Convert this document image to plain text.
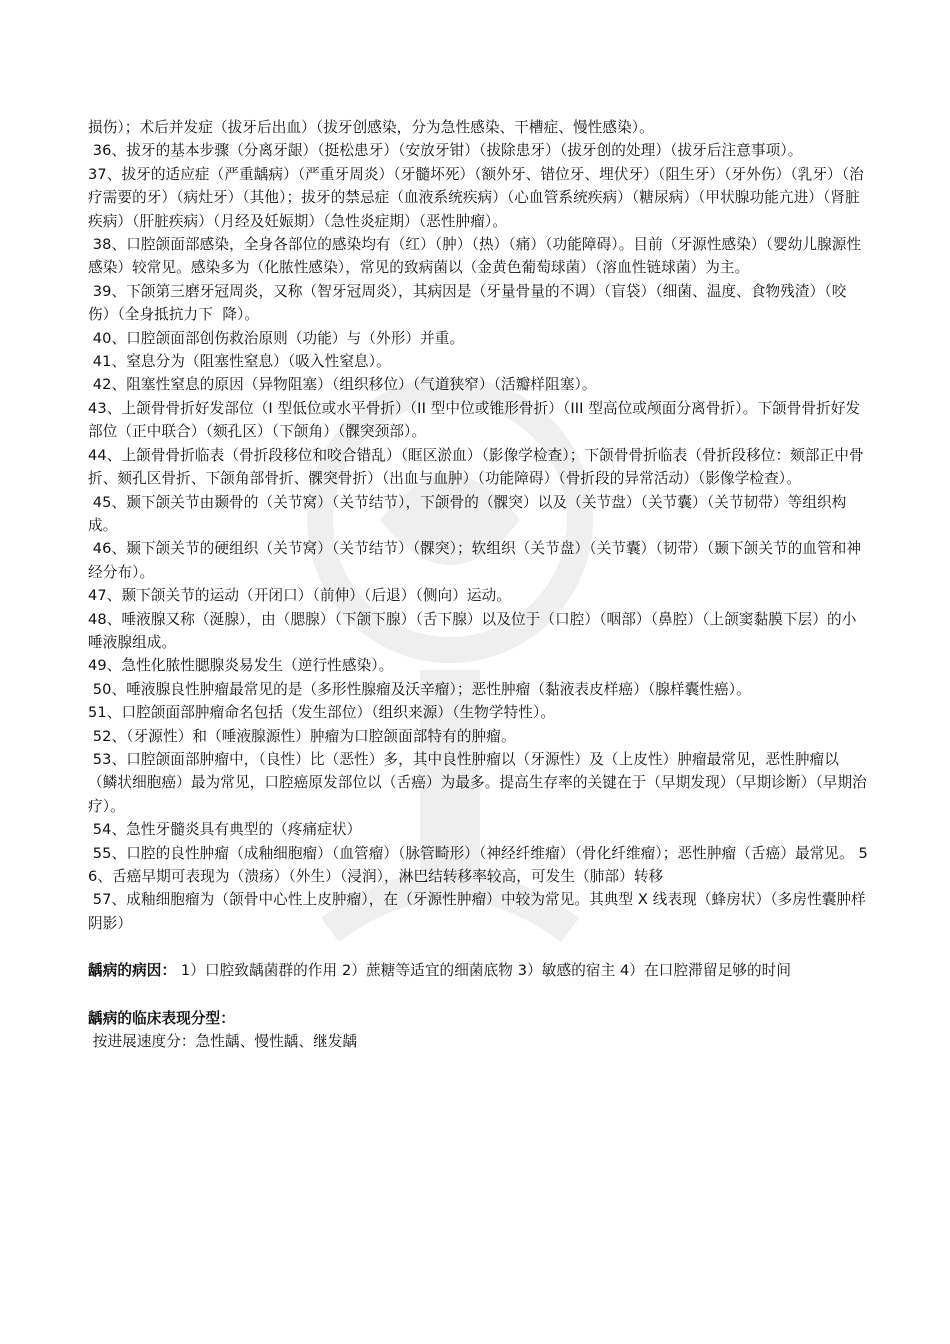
损伤）；术后并发症（拔牙后出血）（拔牙创感染，分为急性感染、干槽症、慢性感染）。

36、拔牙的基本步骤（分离牙龈）（挺松患牙）（安放牙钳）（拔除患牙）（拔牙创的处理）（拔牙后注意事项）。

37、拔牙的适应症（严重龋病）（严重牙周炎）（牙髓坏死）（额外牙、错位牙、埋伏牙）（阻生牙）（牙外伤）（乳牙）（治疗需要的牙）（病灶牙）（其他）；拔牙的禁忌症（血液系统疾病）（心血管系统疾病）（糖尿病）（甲状腺功能亢进）（肾脏疾病）（肝脏疾病）（月经及妊娠期）（急性炎症期）（恶性肿瘤）。

38、口腔颌面部感染，全身各部位的感染均有（红）（肿）（热）（痛）（功能障碍）。目前（牙源性感染）（婴幼儿腺源性感染）较常见。感染多为（化脓性感染），常见的致病菌以（金黄色葡萄球菌）（溶血性链球菌）为主。

39、下颌第三磨牙冠周炎，又称（智牙冠周炎），其病因是（牙量骨量的不调）（盲袋）（细菌、温度、食物残渣）（咬伤）（全身抵抗力下  降）。

40、口腔颌面部创伤救治原则（功能）与（外形）并重。

41、窒息分为（阻塞性窒息）（吸入性窒息）。

42、阻塞性窒息的原因（异物阻塞）（组织移位）（气道狭窄）（活瓣样阻塞）。

43、上颌骨骨折好发部位（I 型低位或水平骨折）（II 型中位或锥形骨折）（III 型高位或颅面分离骨折）。下颌骨骨折好发部位（正中联合）（颏孔区）（下颌角）（髁突颈部）。

44、上颌骨骨折临表（骨折段移位和咬合错乱）（眶区淤血）（影像学检查）；下颌骨骨折临表（骨折段移位：颏部正中骨折、颏孔区骨折、下颌角部骨折、髁突骨折）（出血与血肿）（功能障碍）（骨折段的异常活动）（影像学检查）。

45、颞下颌关节由颞骨的（关节窝）（关节结节），下颌骨的（髁突）以及（关节盘）（关节囊）（关节韧带）等组织构成。

46、颞下颌关节的硬组织（关节窝）（关节结节）（髁突）；软组织（关节盘）（关节囊）（韧带）（颞下颌关节的血管和神经分布）。

47、颞下颌关节的运动（开闭口）（前伸）（后退）（侧向）运动。

48、唾液腺又称（涎腺），由（腮腺）（下颌下腺）（舌下腺）以及位于（口腔）（咽部）（鼻腔）（上颌窦黏膜下层）的小唾液腺组成。

49、急性化脓性腮腺炎易发生（逆行性感染）。

50、唾液腺良性肿瘤最常见的是（多形性腺瘤及沃辛瘤）；恶性肿瘤（黏液表皮样癌）（腺样囊性癌）。

51、口腔颌面部肿瘤命名包括（发生部位）（组织来源）（生物学特性）。

52、（牙源性）和（唾液腺源性）肿瘤为口腔颌面部特有的肿瘤。

53、口腔颌面部肿瘤中，（良性）比（恶性）多，其中良性肿瘤以（牙源性）及（上皮性）肿瘤最常见，恶性肿瘤以（鳞状细胞癌）最为常见，口腔癌原发部位以（舌癌）为最多。提高生存率的关键在于（早期发现）（早期诊断）（早期治疗）。

54、急性牙髓炎具有典型的（疼痛症状）

55、口腔的良性肿瘤（成釉细胞瘤）（血管瘤）（脉管畸形）（神经纤维瘤）（骨化纤维瘤）；恶性肿瘤（舌癌）最常见。 56、舌癌早期可表现为（溃疡）（外生）（浸润），淋巴结转移率较高，可发生（肺部）转移

57、成釉细胞瘤为（颌骨中心性上皮肿瘤），在（牙源性肿瘤）中较为常见。其典型 X 线表现（蜂房状）（多房性囊肿样阴影）

龋病的病因： 1）口腔致龋菌群的作用 2）蔗糖等适宜的细菌底物 3）敏感的宿主 4）在口腔滞留足够的时间

龋病的临床表现分型：

按进展速度分：急性龋、慢性龋、继发龋
